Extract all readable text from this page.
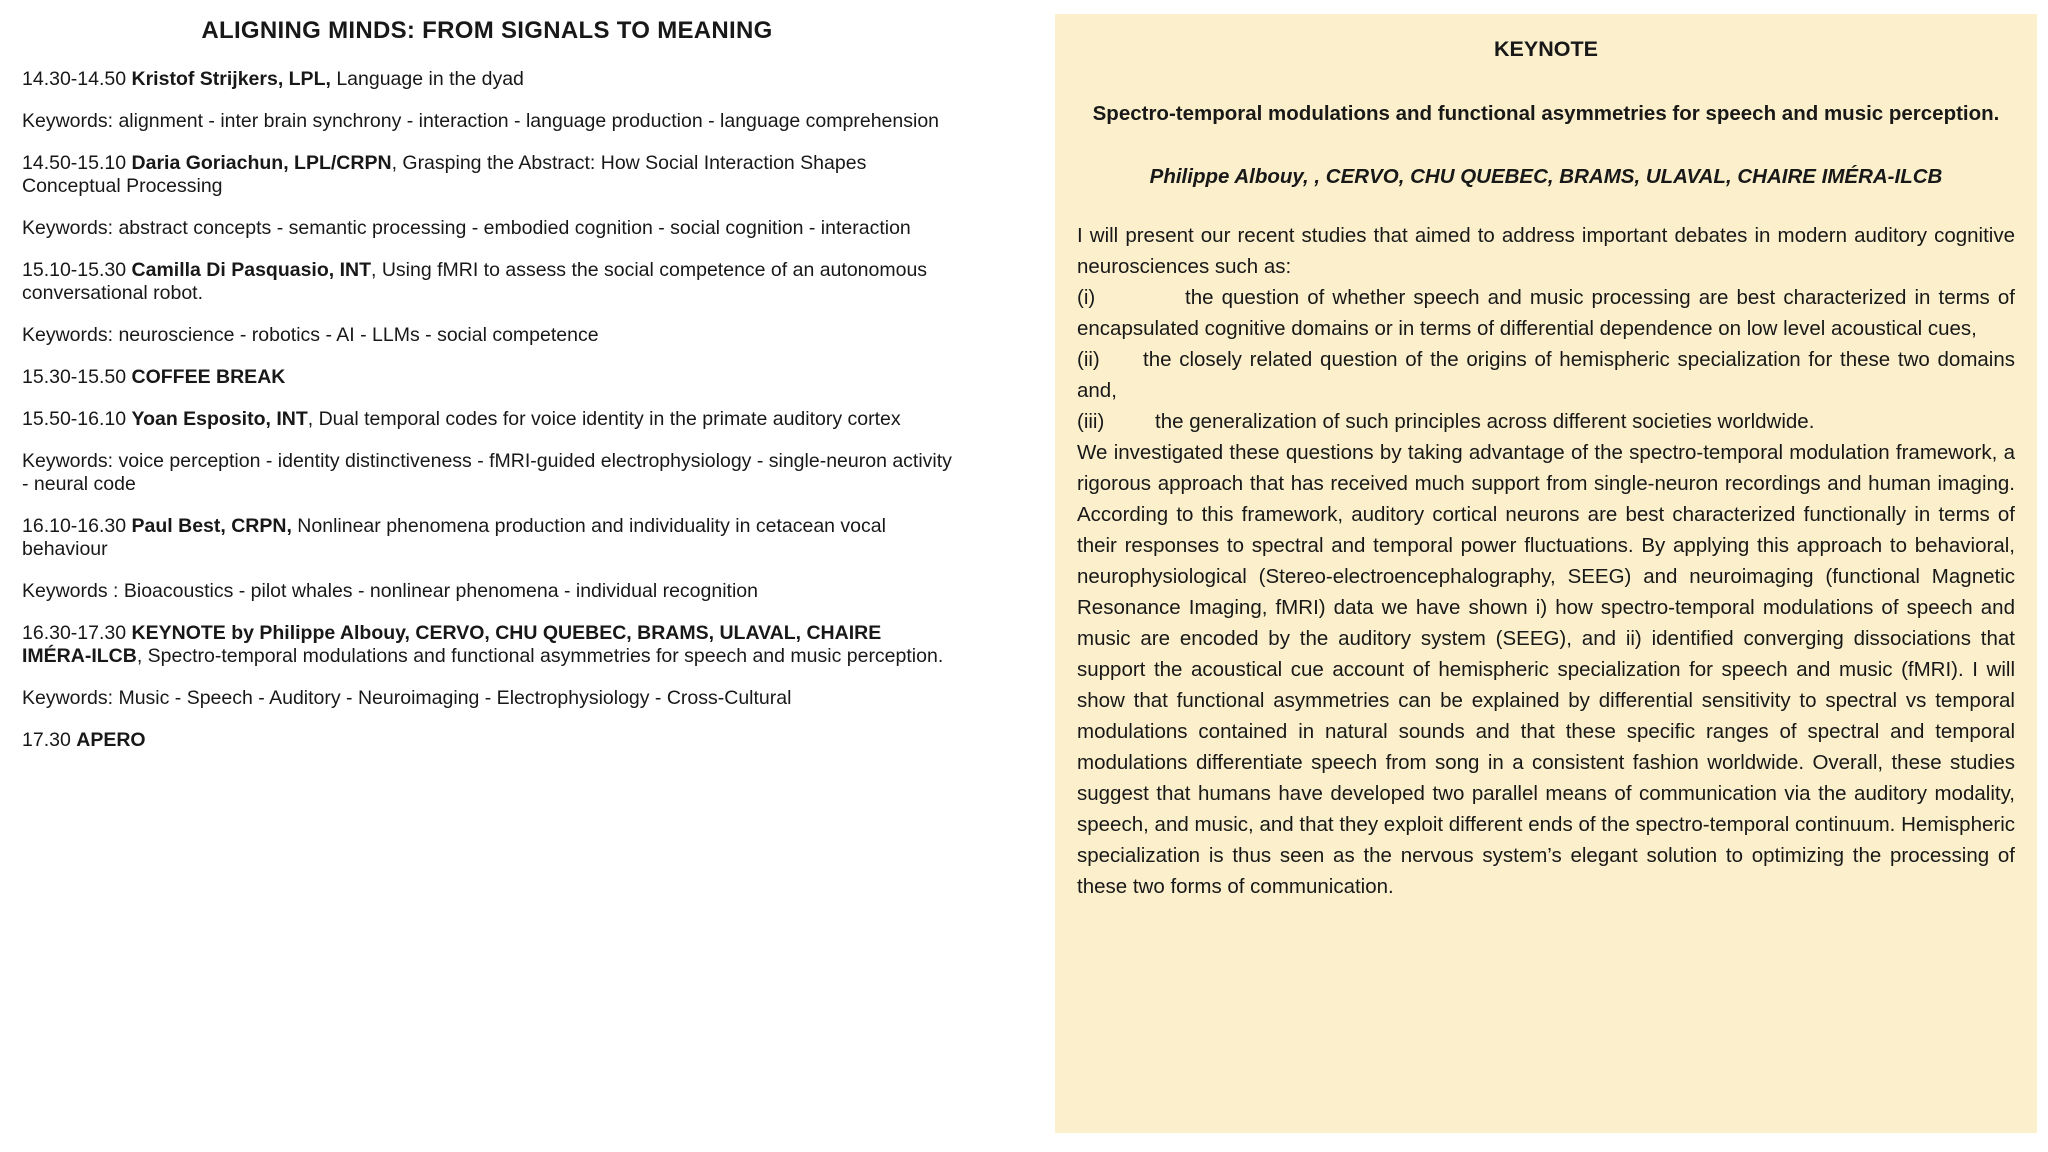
ALIGNING MINDS: FROM SIGNALS TO MEANING

14.30-14.50 Kristof Strijkers, LPL, Language in the dyad

Keywords: alignment - inter brain synchrony - interaction - language production - language comprehension

14.50-15.10 Daria Goriachun, LPL/CRPN, Grasping the Abstract: How Social Interaction Shapes Conceptual Processing

Keywords: abstract concepts - semantic processing - embodied cognition - social cognition - interaction

15.10-15.30 Camilla Di Pasquasio, INT, Using fMRI to assess the social competence of an autonomous conversational robot.

Keywords: neuroscience - robotics - AI - LLMs - social competence

15.30-15.50 COFFEE BREAK

15.50-16.10 Yoan Esposito, INT, Dual temporal codes for voice identity in the primate auditory cortex

Keywords: voice perception - identity distinctiveness - fMRI-guided electrophysiology - single-neuron activity - neural code

16.10-16.30 Paul Best, CRPN, Nonlinear phenomena production and individuality in cetacean vocal behaviour

Keywords : Bioacoustics - pilot whales - nonlinear phenomena - individual recognition

16.30-17.30 KEYNOTE by Philippe Albouy, CERVO, CHU QUEBEC, BRAMS, ULAVAL, CHAIRE IMÉRA-ILCB, Spectro-temporal modulations and functional asymmetries for speech and music perception.

Keywords: Music - Speech - Auditory - Neuroimaging - Electrophysiology - Cross-Cultural

17.30 APERO

KEYNOTE
Spectro-temporal modulations and functional asymmetries for speech and music perception.
Philippe Albouy, , CERVO, CHU QUEBEC, BRAMS, ULAVAL, CHAIRE IMÉRA-ILCB

I will present our recent studies that aimed to address important debates in modern auditory cognitive neurosciences such as:

(i)	the question of whether speech and music processing are best characterized in terms of encapsulated cognitive domains or in terms of differential dependence on low level acoustical cues,

(ii) the closely related question of the origins of hemispheric specialization for these two domains and,

(iii) the generalization of such principles across different societies worldwide.

We investigated these questions by taking advantage of the spectro-temporal modulation framework, a rigorous approach that has received much support from single-neuron recordings and human imaging. According to this framework, auditory cortical neurons are best characterized functionally in terms of their responses to spectral and temporal power fluctuations. By applying this approach to behavioral, neurophysiological (Stereo-electroencephalography, SEEG) and neuroimaging (functional Magnetic Resonance Imaging, fMRI) data we have shown i) how spectro-temporal modulations of speech and music are encoded by the auditory system (SEEG), and ii) identified converging dissociations that support the acoustical cue account of hemispheric specialization for speech and music (fMRI). I will show that functional asymmetries can be explained by differential sensitivity to spectral vs temporal modulations contained in natural sounds and that these specific ranges of spectral and temporal modulations differentiate speech from song in a consistent fashion worldwide. Overall, these studies suggest that humans have developed two parallel means of communication via the auditory modality, speech, and music, and that they exploit different ends of the spectro-temporal continuum. Hemispheric specialization is thus seen as the nervous system’s elegant solution to optimizing the processing of these two forms of communication.
